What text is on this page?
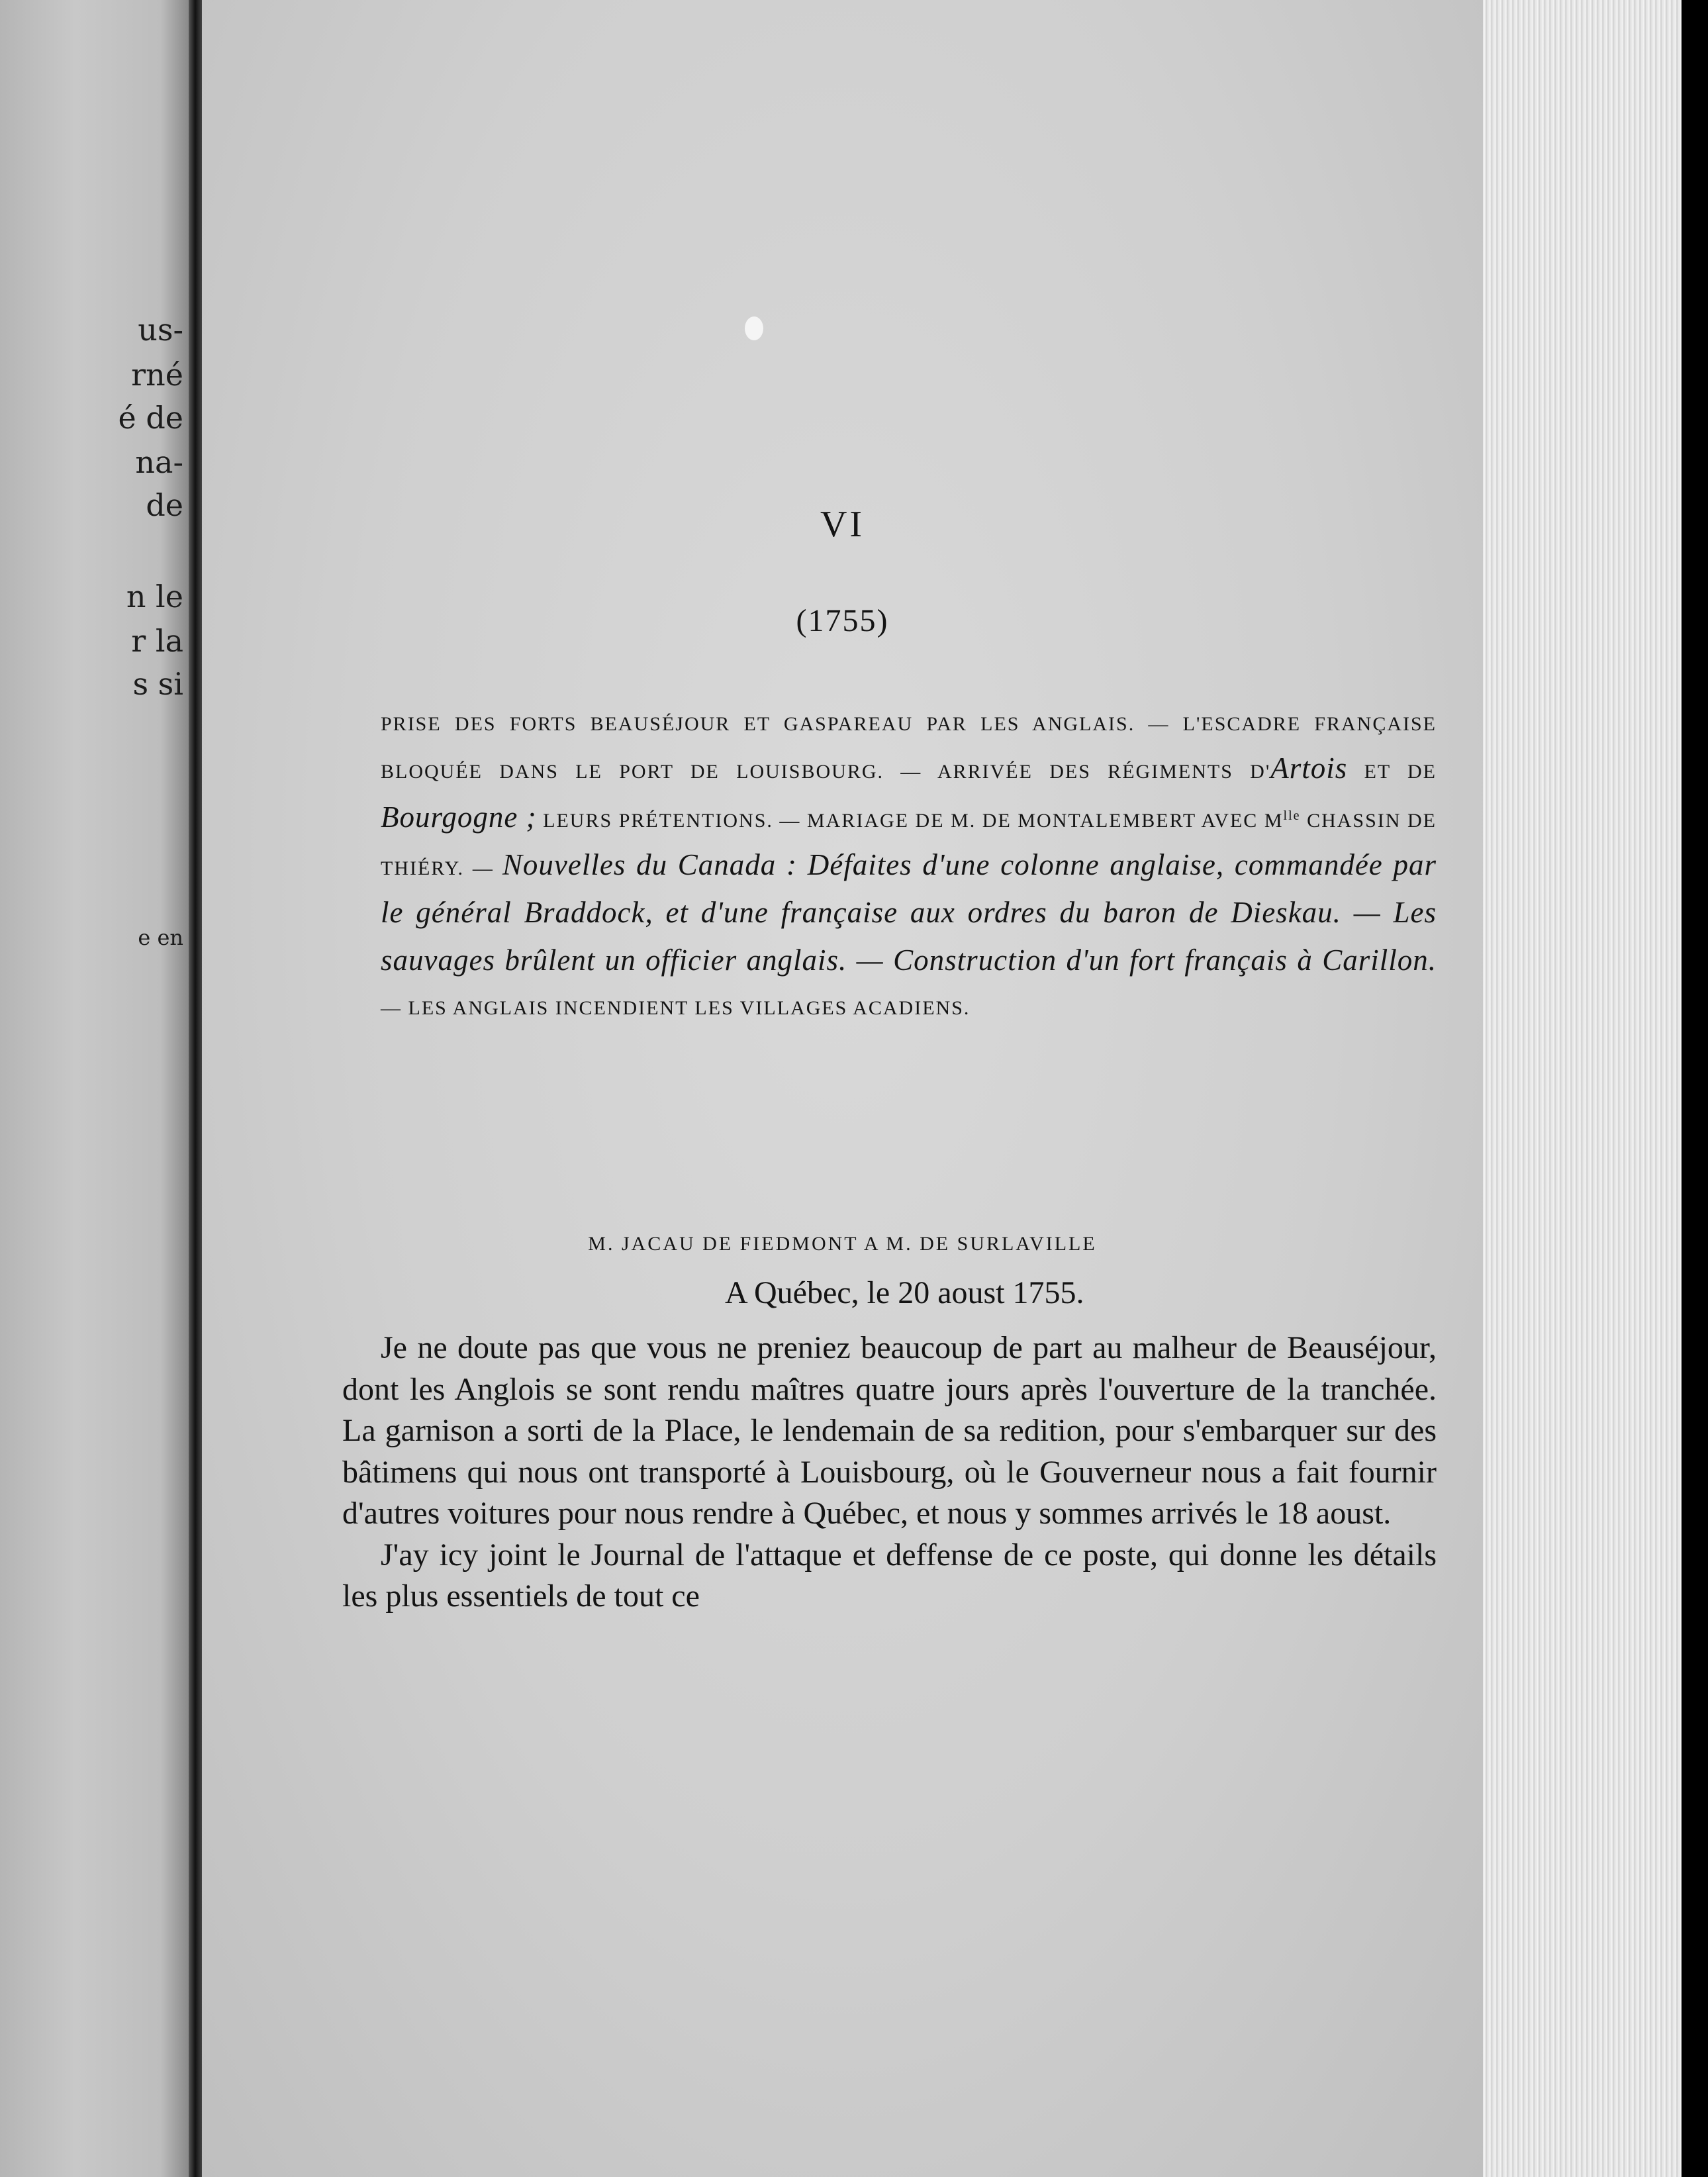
us-
rné
é de
na-
de
n le
r la
s si
e en
VI
(1755)
PRISE DES FORTS BEAUSÉJOUR ET GASPAREAU PAR LES ANGLAIS. — L'ESCADRE FRANÇAISE BLOQUÉE DANS LE PORT DE LOUISBOURG. — ARRIVÉE DES RÉGIMENTS D'Artois ET DE Bourgogne ; LEURS PRÉTENTIONS. — MARIAGE DE M. DE MONTALEMBERT AVEC $M^{lle}$ CHASSIN DE THIÉRY. — Nouvelles du Canada : Défaites d'une colonne anglaise, commandée par le général Braddock, et d'une française aux ordres du baron de Dieskau. — Les sauvages brûlent un officier anglais. — Construction d'un fort français à Carillon. — LES ANGLAIS INCENDIENT LES VILLAGES ACADIENS.
M. JACAU DE FIEDMONT A M. DE SURLAVILLE
A Québec, le 20 aoust 1755.

Je ne doute pas que vous ne preniez beaucoup de part au malheur de Beauséjour, dont les Anglois se sont rendu maîtres quatre jours après l'ouverture de la tranchée. La garnison a sorti de la Place, le lendemain de sa redition, pour s'embarquer sur des bâtimens qui nous ont transporté à Louisbourg, où le Gouverneur nous a fait fournir d'autres voitures pour nous rendre à Québec, et nous y sommes arrivés le 18 aoust.

J'ay icy joint le Journal de l'attaque et deffense de ce poste, qui donne les détails les plus essentiels de tout ce
